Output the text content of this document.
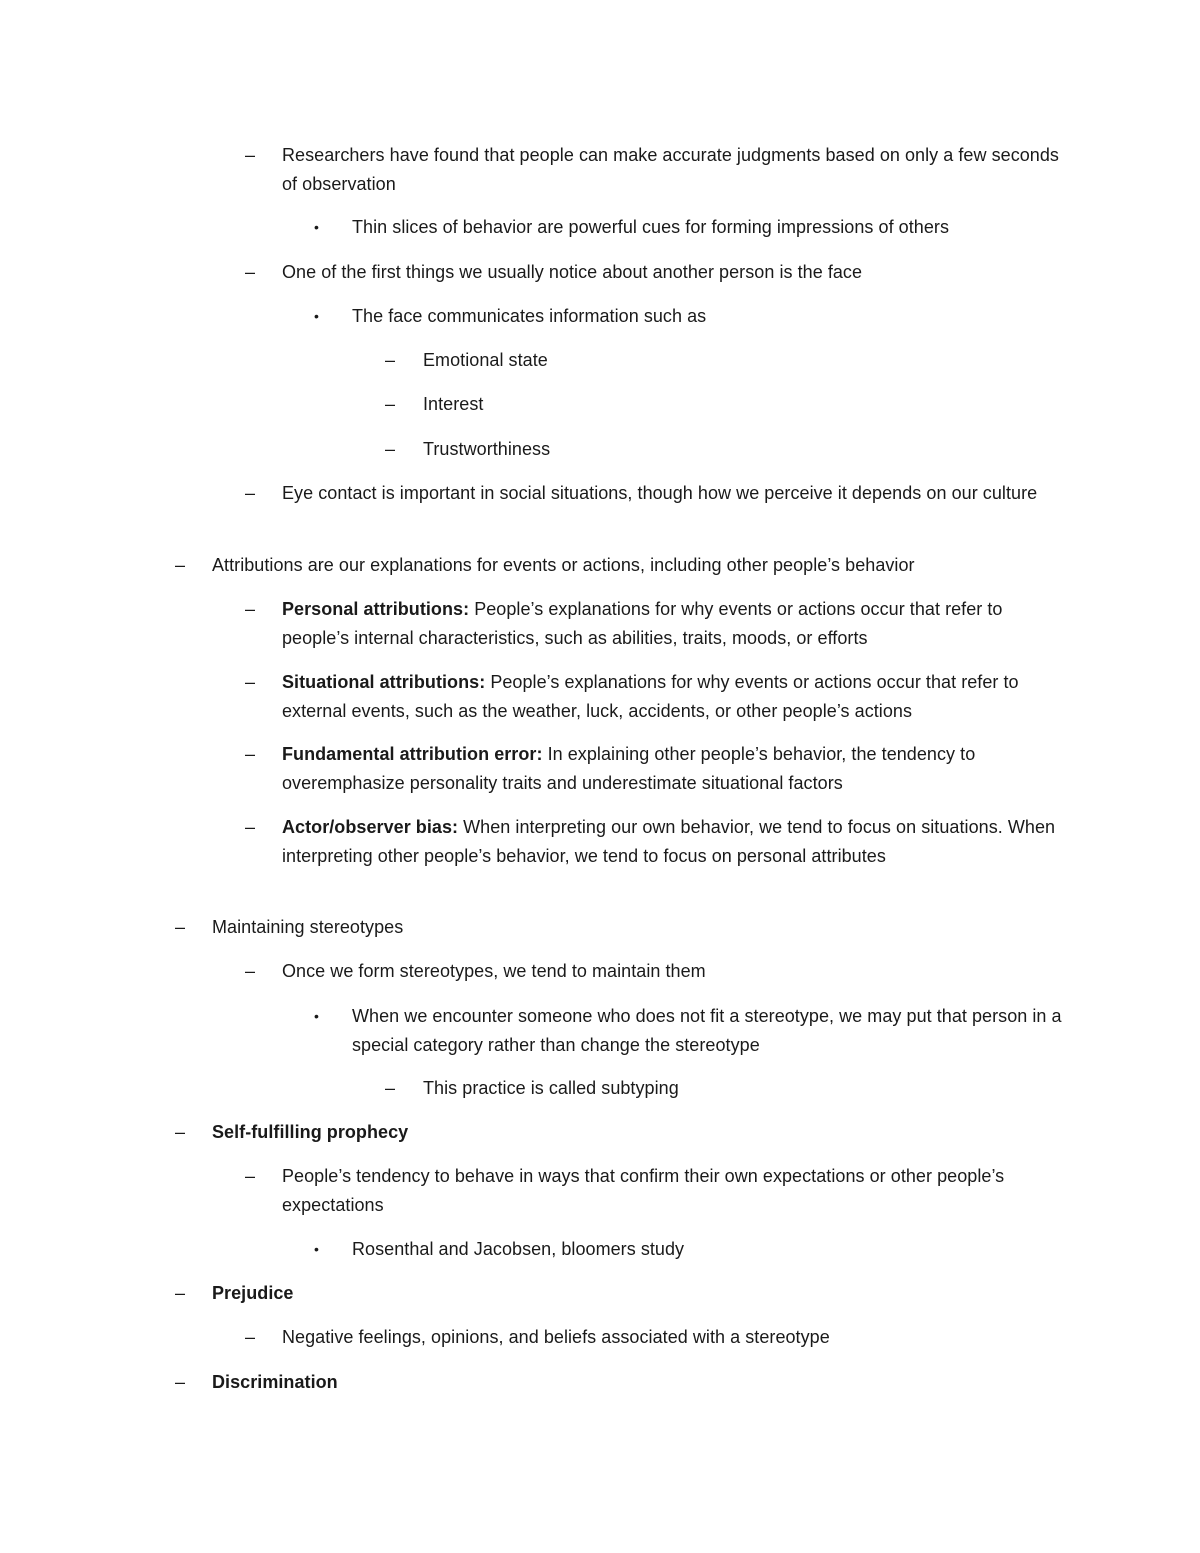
– Researchers have found that people can make accurate judgments based on only a few seconds of observation
• Thin slices of behavior are powerful cues for forming impressions of others
– One of the first things we usually notice about another person is the face
• The face communicates information such as
– Emotional state
– Interest
– Trustworthiness
– Eye contact is important in social situations, though how we perceive it depends on our culture
– Attributions are our explanations for events or actions, including other people’s behavior
– Personal attributions: People’s explanations for why events or actions occur that refer to people’s internal characteristics, such as abilities, traits, moods, or efforts
– Situational attributions: People’s explanations for why events or actions occur that refer to external events, such as the weather, luck, accidents, or other people’s actions
– Fundamental attribution error: In explaining other people’s behavior, the tendency to overemphasize personality traits and underestimate situational factors
– Actor/observer bias: When interpreting our own behavior, we tend to focus on situations. When interpreting other people’s behavior, we tend to focus on personal attributes
– Maintaining stereotypes
– Once we form stereotypes, we tend to maintain them
• When we encounter someone who does not fit a stereotype, we may put that person in a special category rather than change the stereotype
– This practice is called subtyping
– Self-fulfilling prophecy
– People’s tendency to behave in ways that confirm their own expectations or other people’s expectations
• Rosenthal and Jacobsen, bloomers study
– Prejudice
– Negative feelings, opinions, and beliefs associated with a stereotype
– Discrimination
